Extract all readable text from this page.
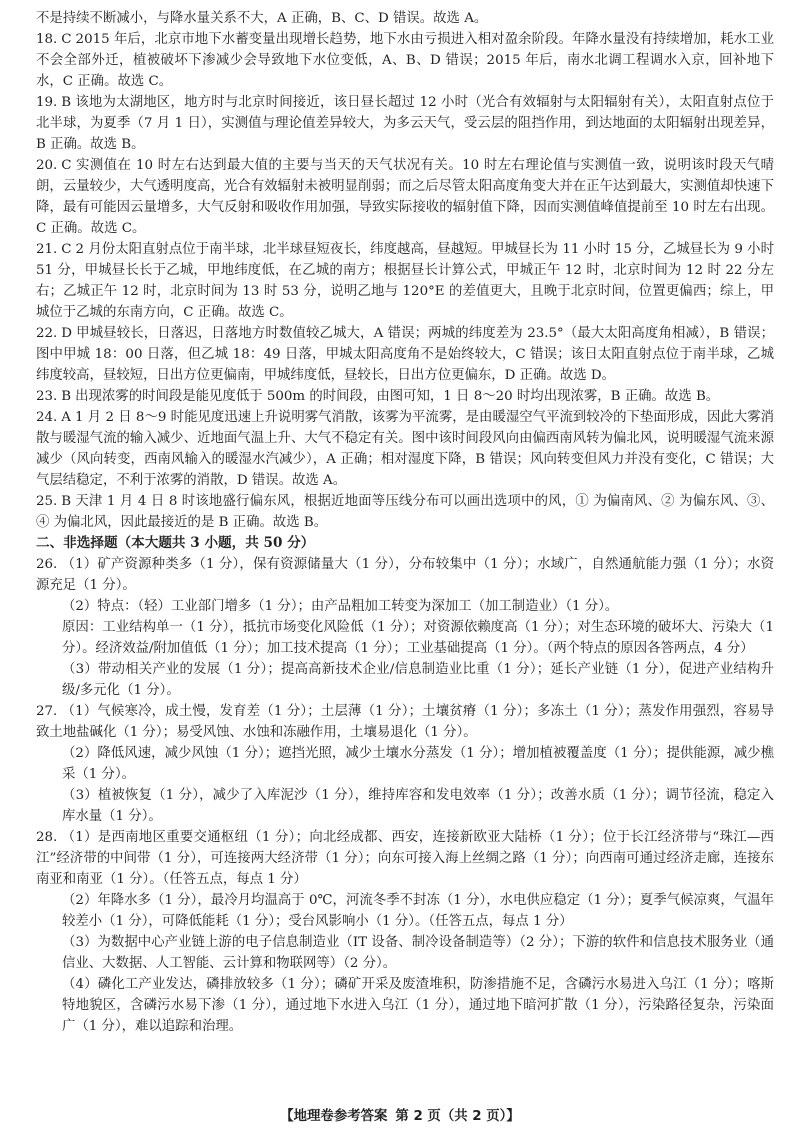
不是持续不断减小，与降水量关系不大，A 正确，B、C、D 错误。故选 A。

18. C 2015 年后，北京市地下水蓄变量出现增长趋势，地下水由亏损进入相对盈余阶段。年降水量没有持续增加，耗水工业不会全部外迁，植被破坏下渗减少会导致地下水位变低，A、B、D 错误；2015 年后，南水北调工程调水入京，回补地下水，C 正确。故选 C。

19. B 该地为太湖地区，地方时与北京时间接近，该日昼长超过 12 小时（光合有效辐射与太阳辐射有关），太阳直射点位于北半球，为夏季（7 月 1 日），实测值与理论值差异较大，为多云天气，受云层的阻挡作用，到达地面的太阳辐射出现差异，B 正确。故选 B。

20. C 实测值在 10 时左右达到最大值的主要与当天的天气状况有关。10 时左右理论值与实测值一致，说明该时段天气晴朗，云量较少，大气透明度高，光合有效辐射未被明显削弱；而之后尽管太阳高度角变大并在正午达到最大，实测值却快速下降，最有可能因云量增多，大气反射和吸收作用加强，导致实际接收的辐射值下降，因而实测值峰值提前至 10 时左右出现。C 正确。故选 C。

21. C 2 月份太阳直射点位于南半球，北半球昼短夜长，纬度越高，昼越短。甲城昼长为 11 小时 15 分，乙城昼长为 9 小时 51 分，甲城昼长长于乙城，甲地纬度低，在乙城的南方；根据昼长计算公式，甲城正午 12 时，北京时间为 12 时 22 分左右；乙城正午 12 时，北京时间为 13 时 53 分，说明乙地与 120°E 的差值更大，且晚于北京时间，位置更偏西；综上，甲城位于乙城的东南方向，C 正确。故选 C。

22. D 甲城昼较长，日落迟，日落地方时数值较乙城大，A 错误；两城的纬度差为 23.5°（最大太阳高度角相减），B 错误；图中甲城 18：00 日落，但乙城 18：49 日落，甲城太阳高度角不是始终较大，C 错误；该日太阳直射点位于南半球，乙城纬度较高，昼较短，日出方位更偏南，甲城纬度低，昼较长，日出方位更偏东，D 正确。故选 D。

23. B 出现浓雾的时间段是能见度低于 500m 的时间段，由图可知，1 日 8～20 时均出现浓雾，B 正确。故选 B。

24. A 1 月 2 日 8～9 时能见度迅速上升说明雾气消散，该雾为平流雾，是由暖湿空气平流到较冷的下垫面形成，因此大雾消散与暖湿气流的输入减少、近地面气温上升、大气不稳定有关。图中该时间段风向由偏西南风转为偏北风，说明暖湿气流来源减少（风向转变，西南风输入的暖湿水汽减少），A 正确；相对湿度下降，B 错误；风向转变但风力并没有变化，C 错误；大气层结稳定，不利于浓雾的消散，D 错误。故选 A。

25. B 天津 1 月 4 日 8 时该地盛行偏东风，根据近地面等压线分布可以画出选项中的风，① 为偏南风、② 为偏东风、③、④ 为偏北风，因此最接近的是 B 正确。故选 B。

二、非选择题（本大题共 3 小题，共 50 分）

26. （1）矿产资源种类多（1 分），保有资源储量大（1 分），分布较集中（1 分）；水域广，自然通航能力强（1 分）；水资源充足（1 分）。

（2）特点：（轻）工业部门增多（1 分）；由产品粗加工转变为深加工（加工制造业）（1 分）。

原因：工业结构单一（1 分），抵抗市场变化风险低（1 分）；对资源依赖度高（1 分）；对生态环境的破坏大、污染大（1 分）。经济效益/附加值低（1 分）；加工技术提高（1 分）；工业基础提高（1 分）。（两个特点的原因各答两点，4 分）

（3）带动相关产业的发展（1 分）；提高高新技术企业/信息制造业比重（1 分）；延长产业链（1 分），促进产业结构升级/多元化（1 分）。

27. （1）气候寒冷，成土慢，发育差（1 分）；土层薄（1 分）；土壤贫瘠（1 分）；多冻土（1 分）；蒸发作用强烈，容易导致土地盐碱化（1 分）；易受风蚀、水蚀和冻融作用，土壤易退化（1 分）。

（2）降低风速，减少风蚀（1 分）；遮挡光照，减少土壤水分蒸发（1 分）；增加植被覆盖度（1 分）；提供能源，减少樵采（1 分）。

（3）植被恢复（1 分），减少了入库泥沙（1 分），维持库容和发电效率（1 分）；改善水质（1 分）；调节径流，稳定入库水量（1 分）。

28. （1）是西南地区重要交通枢纽（1 分）；向北经成都、西安，连接新欧亚大陆桥（1 分）；位于长江经济带与“珠江—西江”经济带的中间带（1 分），可连接两大经济带（1 分）；向东可接入海上丝绸之路（1 分）；向西南可通过经济走廊，连接东南亚和南亚（1 分）。（任答五点，每点 1 分）

（2）年降水多（1 分），最冷月均温高于 0℃，河流冬季不封冻（1 分），水电供应稳定（1 分）；夏季气候凉爽，气温年较差小（1 分），可降低能耗（1 分）；受台风影响小（1 分）。（任答五点，每点 1 分）

（3）为数据中心产业链上游的电子信息制造业（IT 设备、制冷设备制造等）（2 分）；下游的软件和信息技术服务业（通信业、大数据、人工智能、云计算和物联网等）（2 分）。

（4）磷化工产业发达，磷排放较多（1 分）；磷矿开采及废渣堆积，防渗措施不足，含磷污水易进入乌江（1 分）；喀斯特地貌区，含磷污水易下渗（1 分），通过地下水进入乌江（1 分），通过地下暗河扩散（1 分），污染路径复杂，污染面广（1 分），难以追踪和治理。

【地理卷参考答案 第 2 页（共 2 页）】
